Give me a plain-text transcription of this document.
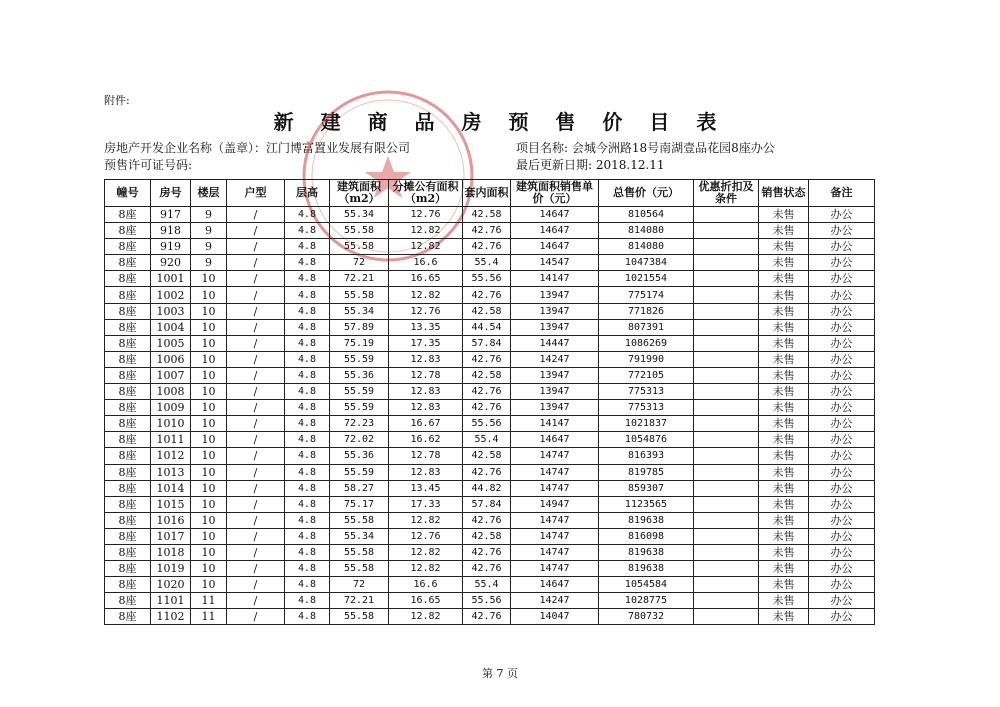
附件:
新 建 商 品 房 预 售 价 目 表
房地产开发企业名称（盖章）：江门博富置业发展有限公司
预售许可证号码:
项目名称: 会城今洲路18号南湖壹品花园8座办公
最后更新日期: 2018.12.11
幢号	房号	楼层	户型	层高	建筑面积（m2）	分摊公有面积（m2）	套内面积	建筑面积销售单价（元）	总售价（元）	优惠折扣及条件	销售状态	备注
8座	917	9	/	4.8	55.34	12.76	42.58	14647	810564		未售	办公
8座	918	9	/	4.8	55.58	12.82	42.76	14647	814080		未售	办公
8座	919	9	/	4.8	55.58	12.82	42.76	14647	814080		未售	办公
8座	920	9	/	4.8	72	16.6	55.4	14547	1047384		未售	办公
8座	1001	10	/	4.8	72.21	16.65	55.56	14147	1021554		未售	办公
8座	1002	10	/	4.8	55.58	12.82	42.76	13947	775174		未售	办公
8座	1003	10	/	4.8	55.34	12.76	42.58	13947	771826		未售	办公
8座	1004	10	/	4.8	57.89	13.35	44.54	13947	807391		未售	办公
8座	1005	10	/	4.8	75.19	17.35	57.84	14447	1086269		未售	办公
8座	1006	10	/	4.8	55.59	12.83	42.76	14247	791990		未售	办公
8座	1007	10	/	4.8	55.36	12.78	42.58	13947	772105		未售	办公
8座	1008	10	/	4.8	55.59	12.83	42.76	13947	775313		未售	办公
8座	1009	10	/	4.8	55.59	12.83	42.76	13947	775313		未售	办公
8座	1010	10	/	4.8	72.23	16.67	55.56	14147	1021837		未售	办公
8座	1011	10	/	4.8	72.02	16.62	55.4	14647	1054876		未售	办公
8座	1012	10	/	4.8	55.36	12.78	42.58	14747	816393		未售	办公
8座	1013	10	/	4.8	55.59	12.83	42.76	14747	819785		未售	办公
8座	1014	10	/	4.8	58.27	13.45	44.82	14747	859307		未售	办公
8座	1015	10	/	4.8	75.17	17.33	57.84	14947	1123565		未售	办公
8座	1016	10	/	4.8	55.58	12.82	42.76	14747	819638		未售	办公
8座	1017	10	/	4.8	55.34	12.76	42.58	14747	816098		未售	办公
8座	1018	10	/	4.8	55.58	12.82	42.76	14747	819638		未售	办公
8座	1019	10	/	4.8	55.58	12.82	42.76	14747	819638		未售	办公
8座	1020	10	/	4.8	72	16.6	55.4	14647	1054584		未售	办公
8座	1101	11	/	4.8	72.21	16.65	55.56	14247	1028775		未售	办公
8座	1102	11	/	4.8	55.58	12.82	42.76	14047	780732		未售	办公
第 7 页
